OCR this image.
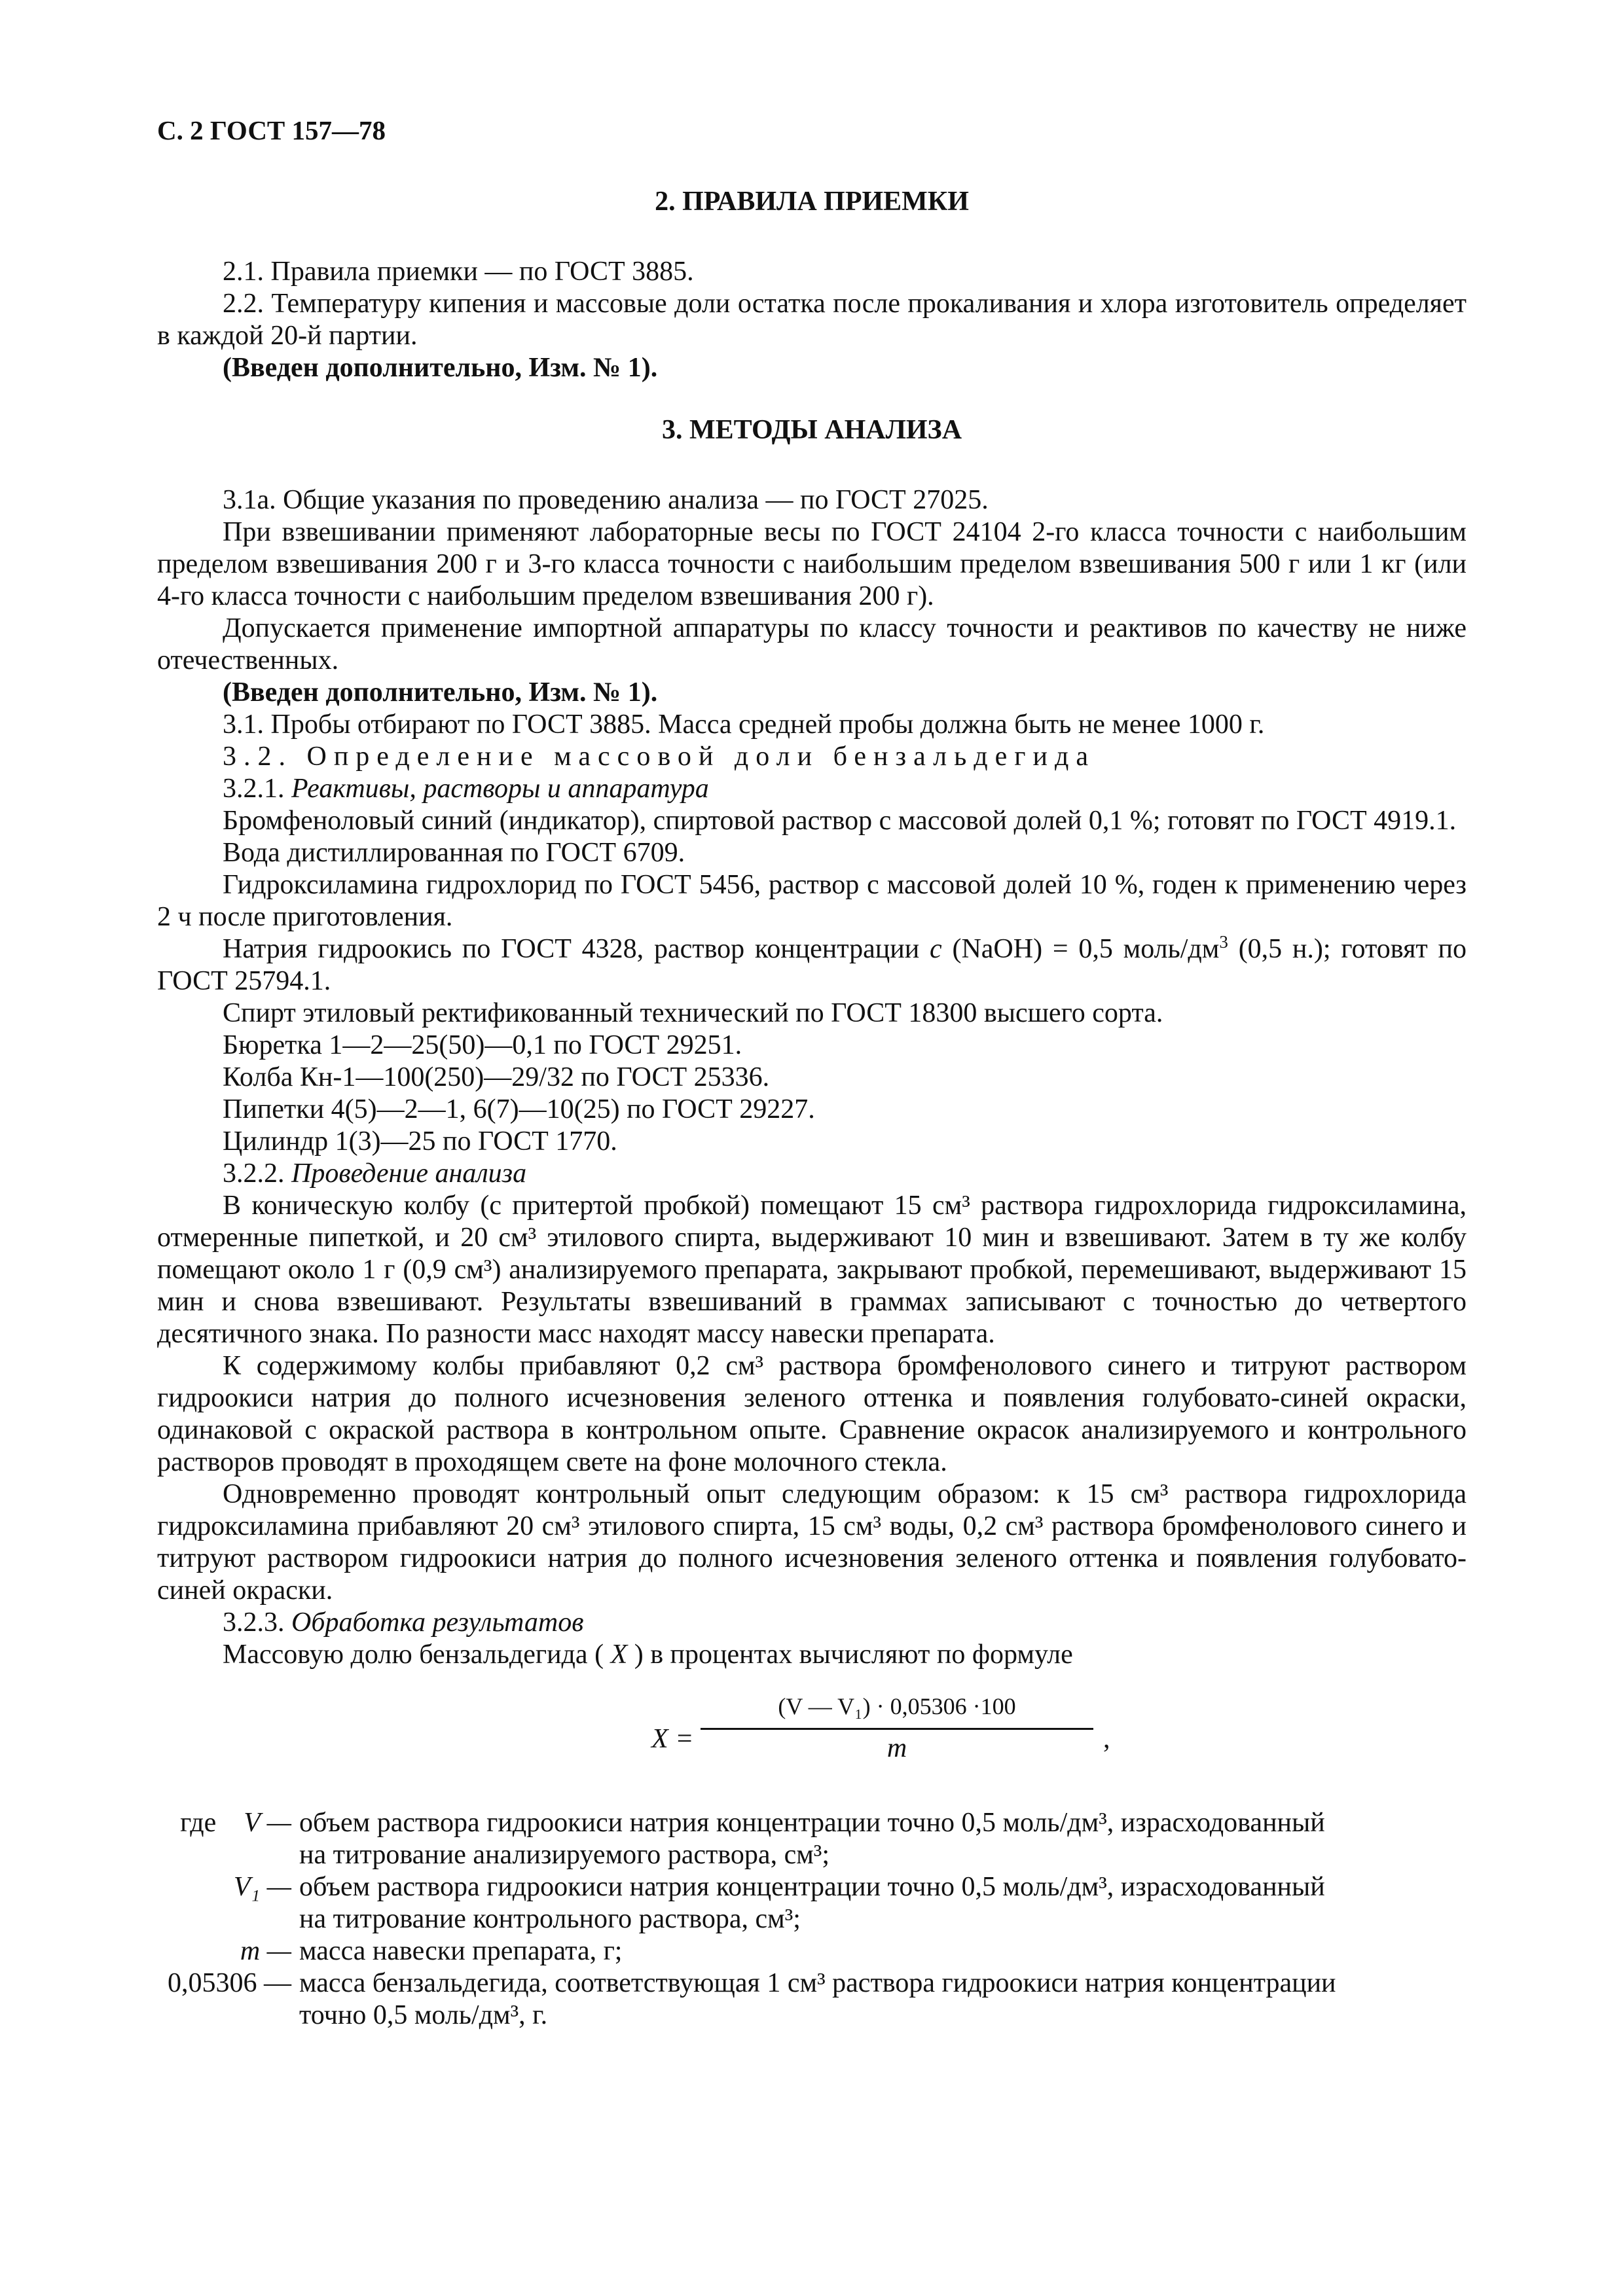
С. 2 ГОСТ 157—78
2. ПРАВИЛА ПРИЕМКИ

2.1. Правила приемки — по ГОСТ 3885.

2.2. Температуру кипения и массовые доли остатка после прокаливания и хлора изготовитель определяет в каждой 20-й партии.

(Введен дополнительно, Изм. № 1).

3. МЕТОДЫ АНАЛИЗА

3.1а. Общие указания по проведению анализа — по ГОСТ 27025.

При взвешивании применяют лабораторные весы по ГОСТ 24104 2-го класса точности с наибольшим пределом взвешивания 200 г и 3-го класса точности с наибольшим пределом взвешивания 500 г или 1 кг (или 4-го класса точности с наибольшим пределом взвешивания 200 г).

Допускается применение импортной аппаратуры по классу точности и реактивов по качеству не ниже отечественных.

(Введен дополнительно, Изм. № 1).

3.1. Пробы отбирают по ГОСТ 3885. Масса средней пробы должна быть не менее 1000 г.

3.2. Определение массовой доли бензальдегида

3.2.1. Реактивы, растворы и аппаратура

Бромфеноловый синий (индикатор), спиртовой раствор с массовой долей 0,1 %; готовят по ГОСТ 4919.1.

Вода дистиллированная по ГОСТ 6709.

Гидроксиламина гидрохлорид по ГОСТ 5456, раствор с массовой долей 10 %, годен к применению через 2 ч после приготовления.

Натрия гидроокись по ГОСТ 4328, раствор концентрации c (NaOH) = 0,5 моль/$дм^3$ (0,5 н.); готовят по ГОСТ 25794.1.

Спирт этиловый ректификованный технический по ГОСТ 18300 высшего сорта.

Бюретка 1—2—25(50)—0,1 по ГОСТ 29251.

Колба Кн-1—100(250)—29/32 по ГОСТ 25336.

Пипетки 4(5)—2—1, 6(7)—10(25) по ГОСТ 29227.

Цилиндр 1(3)—25 по ГОСТ 1770.

3.2.2. Проведение анализа

В коническую колбу (с притертой пробкой) помещают 15 см³ раствора гидрохлорида гидроксиламина, отмеренные пипеткой, и 20 см³ этилового спирта, выдерживают 10 мин и взвешивают. Затем в ту же колбу помещают около 1 г (0,9 см³) анализируемого препарата, закрывают пробкой, перемешивают, выдерживают 15 мин и снова взвешивают. Результаты взвешиваний в граммах записывают с точностью до четвертого десятичного знака. По разности масс находят массу навески препарата.

К содержимому колбы прибавляют 0,2 см³ раствора бромфенолового синего и титруют раствором гидроокиси натрия до полного исчезновения зеленого оттенка и появления голубовато-синей окраски, одинаковой с окраской раствора в контрольном опыте. Сравнение окрасок анализируемого и контрольного растворов проводят в проходящем свете на фоне молочного стекла.

Одновременно проводят контрольный опыт следующим образом: к 15 см³ раствора гидрохлорида гидроксиламина прибавляют 20 см³ этилового спирта, 15 см³ воды, 0,2 см³ раствора бромфенолового синего и титруют раствором гидроокиси натрия до полного исчезновения зеленого оттенка и появления голубовато-синей окраски.

3.2.3. Обработка результатов

Массовую долю бензальдегида ( X ) в процентах вычисляют по формуле

X =
(V — V₁) · 0,05306 ·100
m	,
где V — объем раствора гидроокиси натрия концентрации точно 0,5 моль/дм³, израсходованный
на титрование анализируемого раствора, см³;
V₁ — объем раствора гидроокиси натрия концентрации точно 0,5 моль/дм³, израсходованный
на титрование контрольного раствора, см³;
m — масса навески препарата, г;
0,05306 — масса бензальдегида, соответствующая 1 см³ раствора гидроокиси натрия концентрации
точно 0,5 моль/дм³, г.
